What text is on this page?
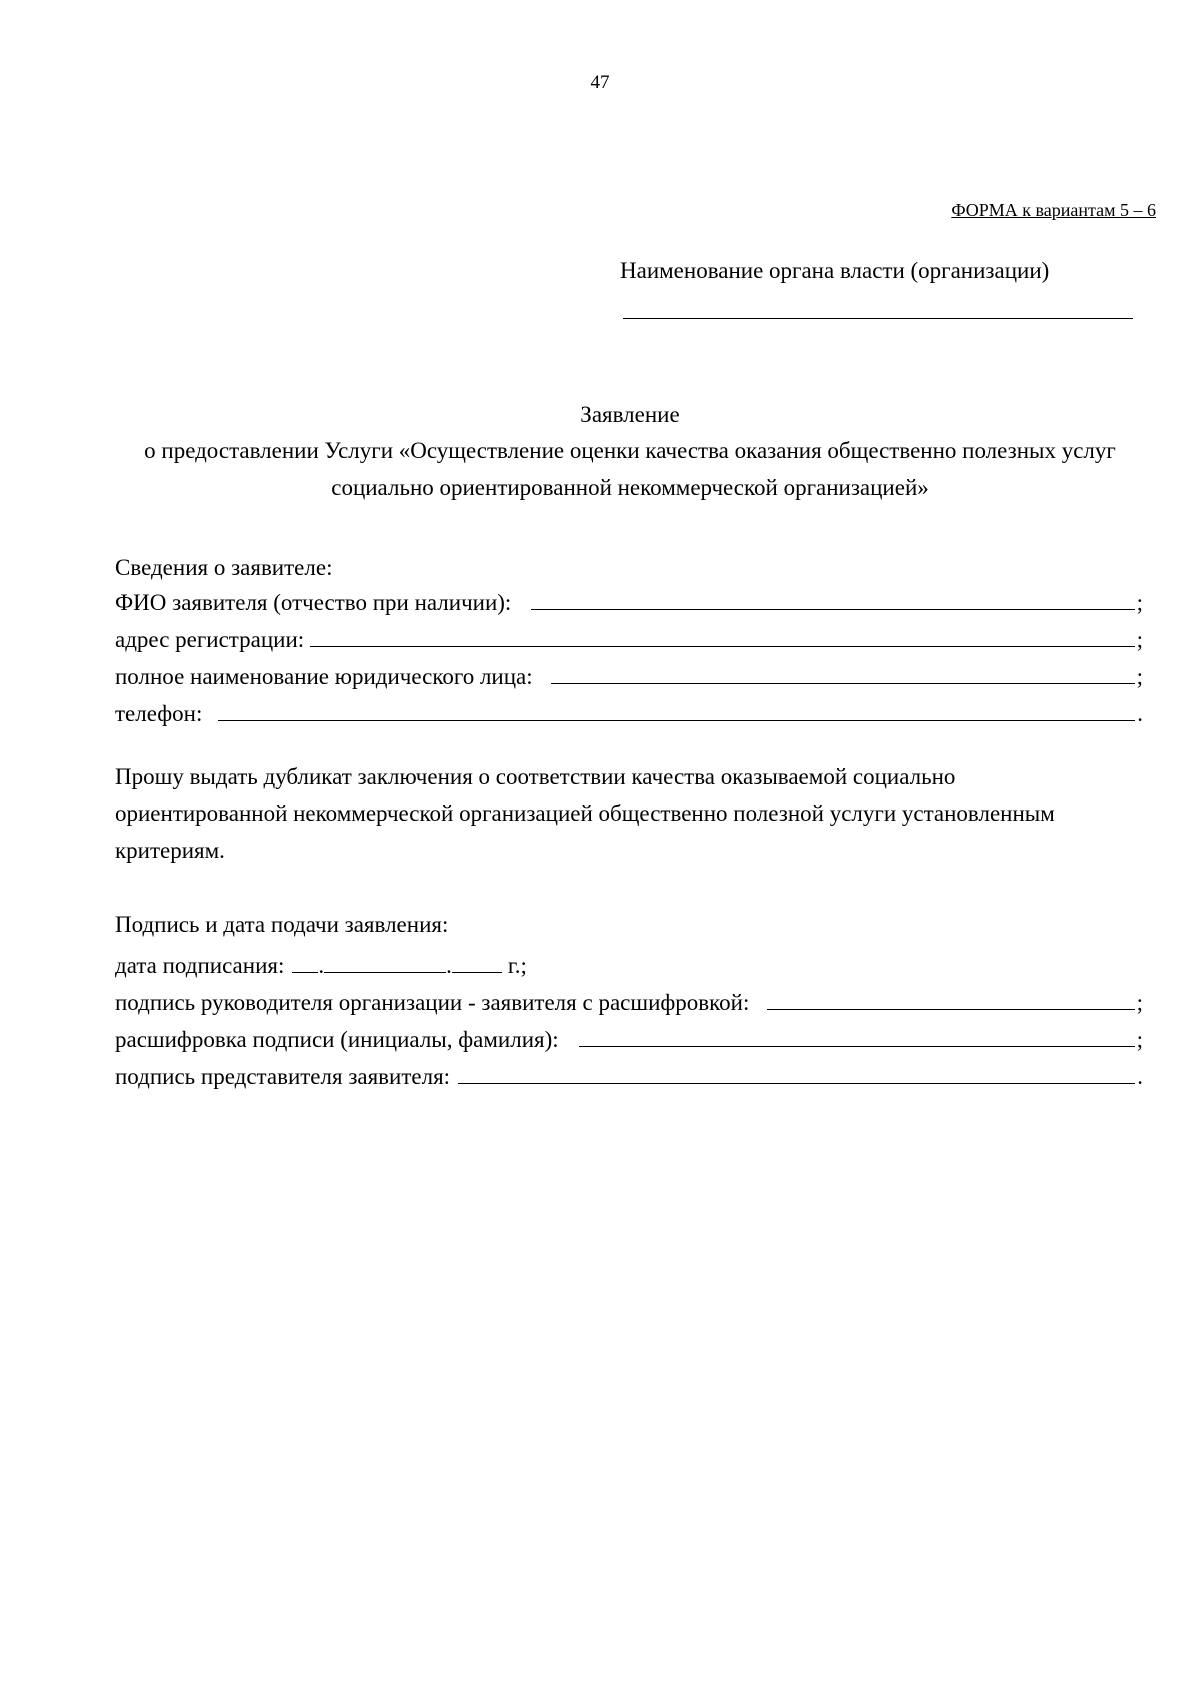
47
ФОРМА к вариантам 5 – 6
Наименование органа власти (организации)
Заявление
о предоставлении Услуги «Осуществление оценки качества оказания общественно полезных услуг
социально ориентированной некоммерческой организацией»
Сведения о заявителе:
ФИО заявителя (отчество при наличии):	;
адрес регистрации:	;
полное наименование юридического лица:	;
телефон:	.
Прошу выдать дубликат заключения о соответствии качества оказываемой социально
ориентированной некоммерческой организацией общественно полезной услуги установленным
критериям.
Подпись и дата подачи заявления:
дата подписания: .	. г.;
подпись руководителя организации - заявителя с расшифровкой:	;
расшифровка подписи (инициалы, фамилия):	;
подпись представителя заявителя:	.
